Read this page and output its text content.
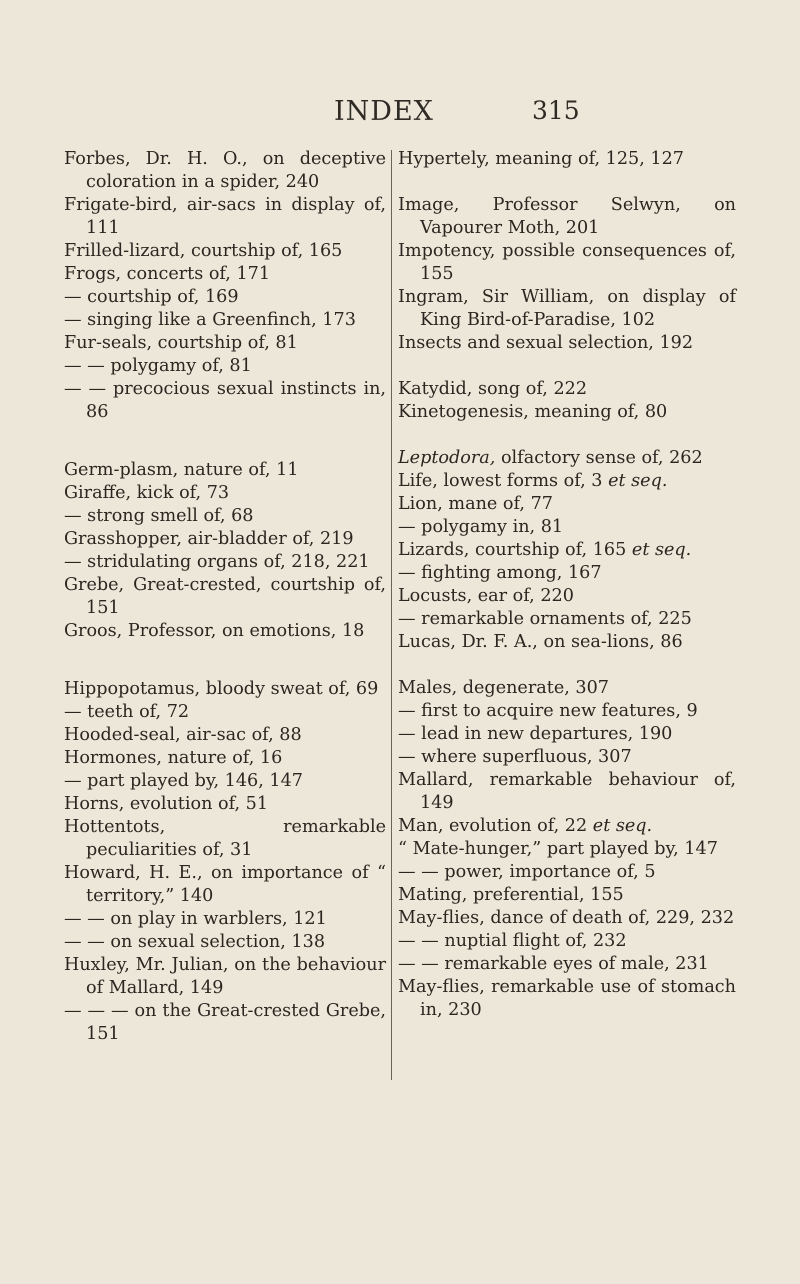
INDEX	315

Forbes, Dr. H. O., on deceptive coloration in a spider, 240

Frigate-bird, air-sacs in display of, 111

Frilled-lizard, courtship of, 165

Frogs, concerts of, 171

— courtship of, 169

— singing like a Greenfinch, 173

Fur-seals, courtship of, 81

— — polygamy of, 81

— — precocious sexual instincts in, 86

Germ-plasm, nature of, 11

Giraffe, kick of, 73

— strong smell of, 68

Grasshopper, air-bladder of, 219

— stridulating organs of, 218, 221

Grebe, Great-crested, courtship of, 151

Groos, Professor, on emotions, 18

Hippopotamus, bloody sweat of, 69

— teeth of, 72

Hooded-seal, air-sac of, 88

Hormones, nature of, 16

— part played by, 146, 147

Horns, evolution of, 51

Hottentots, remarkable peculiarities of, 31

Howard, H. E., on importance of “ territory,” 140

— — on play in warblers, 121

— — on sexual selection, 138

Huxley, Mr. Julian, on the behaviour of Mallard, 149

— — — on the Great-crested Grebe, 151

Hypertely, meaning of, 125, 127

Image, Professor Selwyn, on Vapourer Moth, 201

Impotency, possible consequences of, 155

Ingram, Sir William, on display of King Bird-of-Paradise, 102

Insects and sexual selection, 192

Katydid, song of, 222

Kinetogenesis, meaning of, 80

Leptodora, olfactory sense of, 262

Life, lowest forms of, 3 et seq.

Lion, mane of, 77

— polygamy in, 81

Lizards, courtship of, 165 et seq.

— fighting among, 167

Locusts, ear of, 220

— remarkable ornaments of, 225

Lucas, Dr. F. A., on sea-lions, 86

Males, degenerate, 307

— first to acquire new features, 9

— lead in new departures, 190

— where superfluous, 307

Mallard, remarkable behaviour of, 149

Man, evolution of, 22 et seq.

“ Mate-hunger,” part played by, 147

— — power, importance of, 5

Mating, preferential, 155

May-flies, dance of death of, 229, 232

— — nuptial flight of, 232

— — remarkable eyes of male, 231

May-flies, remarkable use of stomach in, 230
